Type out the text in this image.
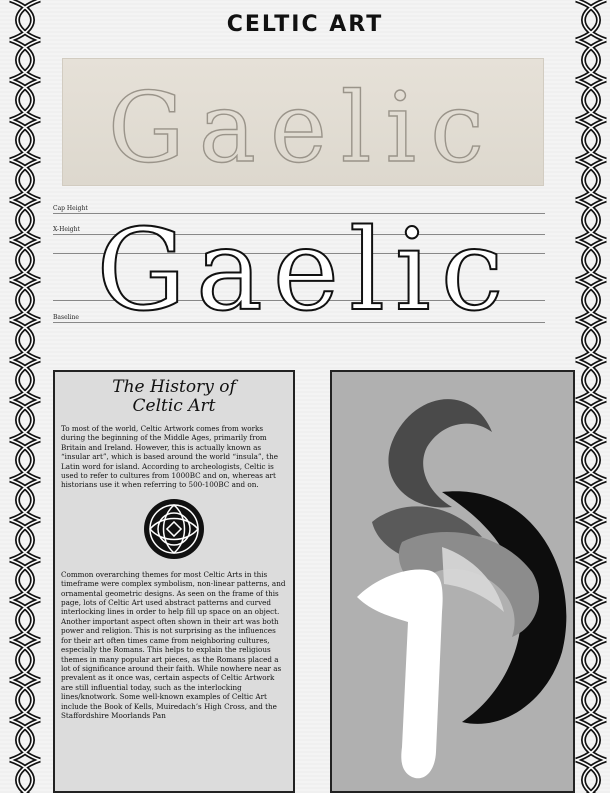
CELTIC ART
Gaelic
Cap Height
X-Height
Baseline Gaelic
The History of
Celtic Art

To most of the world, Celtic Artwork comes from works during the beginning of the Middle Ages, primarily from Britain and Ireland. However, this is actually known as “insular art”, which is based around the world “insula”, the Latin word for island. According to archeologists, Celtic is used to refer to cultures from 1000BC and on, whereas art historians use it when referring to 500-100BC and on.

Common overarching themes for most Celtic Arts in this timeframe were complex symbolism, non-linear patterns, and ornamental geometric designs. As seen on the frame of this page, lots of Celtic Art used abstract patterns and curved interlocking lines in order to help fill up space on an object. Another important aspect often shown in their art was both power and religion. This is not surprising as the influences for their art often times came from neighboring cultures, especially the Romans. This helps to explain the religious themes in many popular art pieces, as the Romans placed a lot of significance around their faith. While nowhere near as prevalent as it once was, certain aspects of Celtic Artwork are still influential today, such as the interlocking lines/knotwork. Some well-known examples of Celtic Art include the Book of Kells, Muiredach’s High Cross, and the Staffordshire Moorlands Pan
